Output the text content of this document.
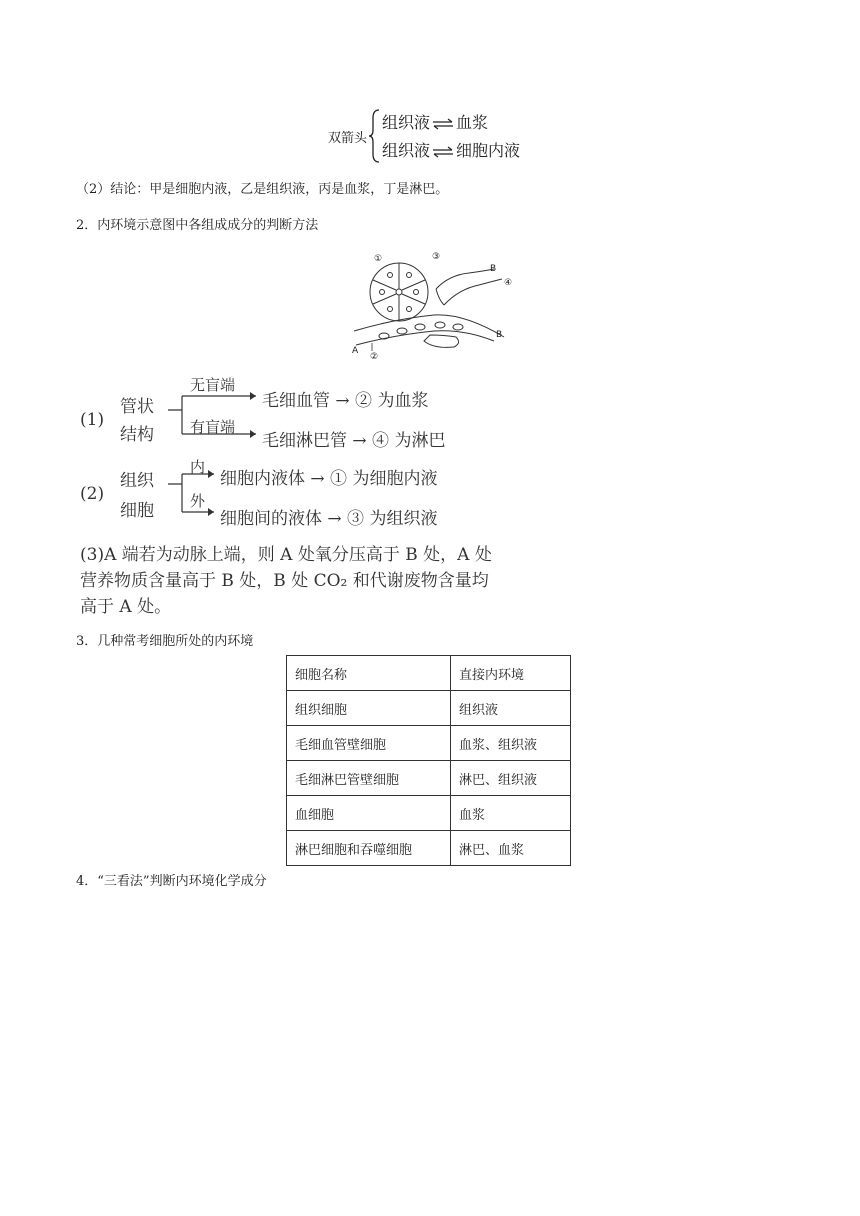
双箭头
组织液 ⇌ 血浆
组织液 ⇌ 细胞内液
（2）结论：甲是细胞内液，乙是组织液，丙是血浆，丁是淋巴。
2．内环境示意图中各组成成分的判断方法
①	③
④
B
B
A
②
(1)
管状
结构
无盲端
毛细血管 → ② 为血浆
有盲端
毛细淋巴管 → ④ 为淋巴
(2)
组织
细胞
内
细胞内液体 → ① 为细胞内液
外
细胞间的液体 → ③ 为组织液
(3)A 端若为动脉上端，则 A 处氧分压高于 B 处，A 处
营养物质含量高于 B 处，B 处 CO₂ 和代谢废物含量均
高于 A 处。
3．几种常考细胞所处的内环境
细胞名称	直接内环境
组织细胞	组织液
毛细血管壁细胞	血浆、组织液
毛细淋巴管壁细胞	淋巴、组织液
血细胞	血浆
淋巴细胞和吞噬细胞	淋巴、血浆
4．“三看法”判断内环境化学成分
